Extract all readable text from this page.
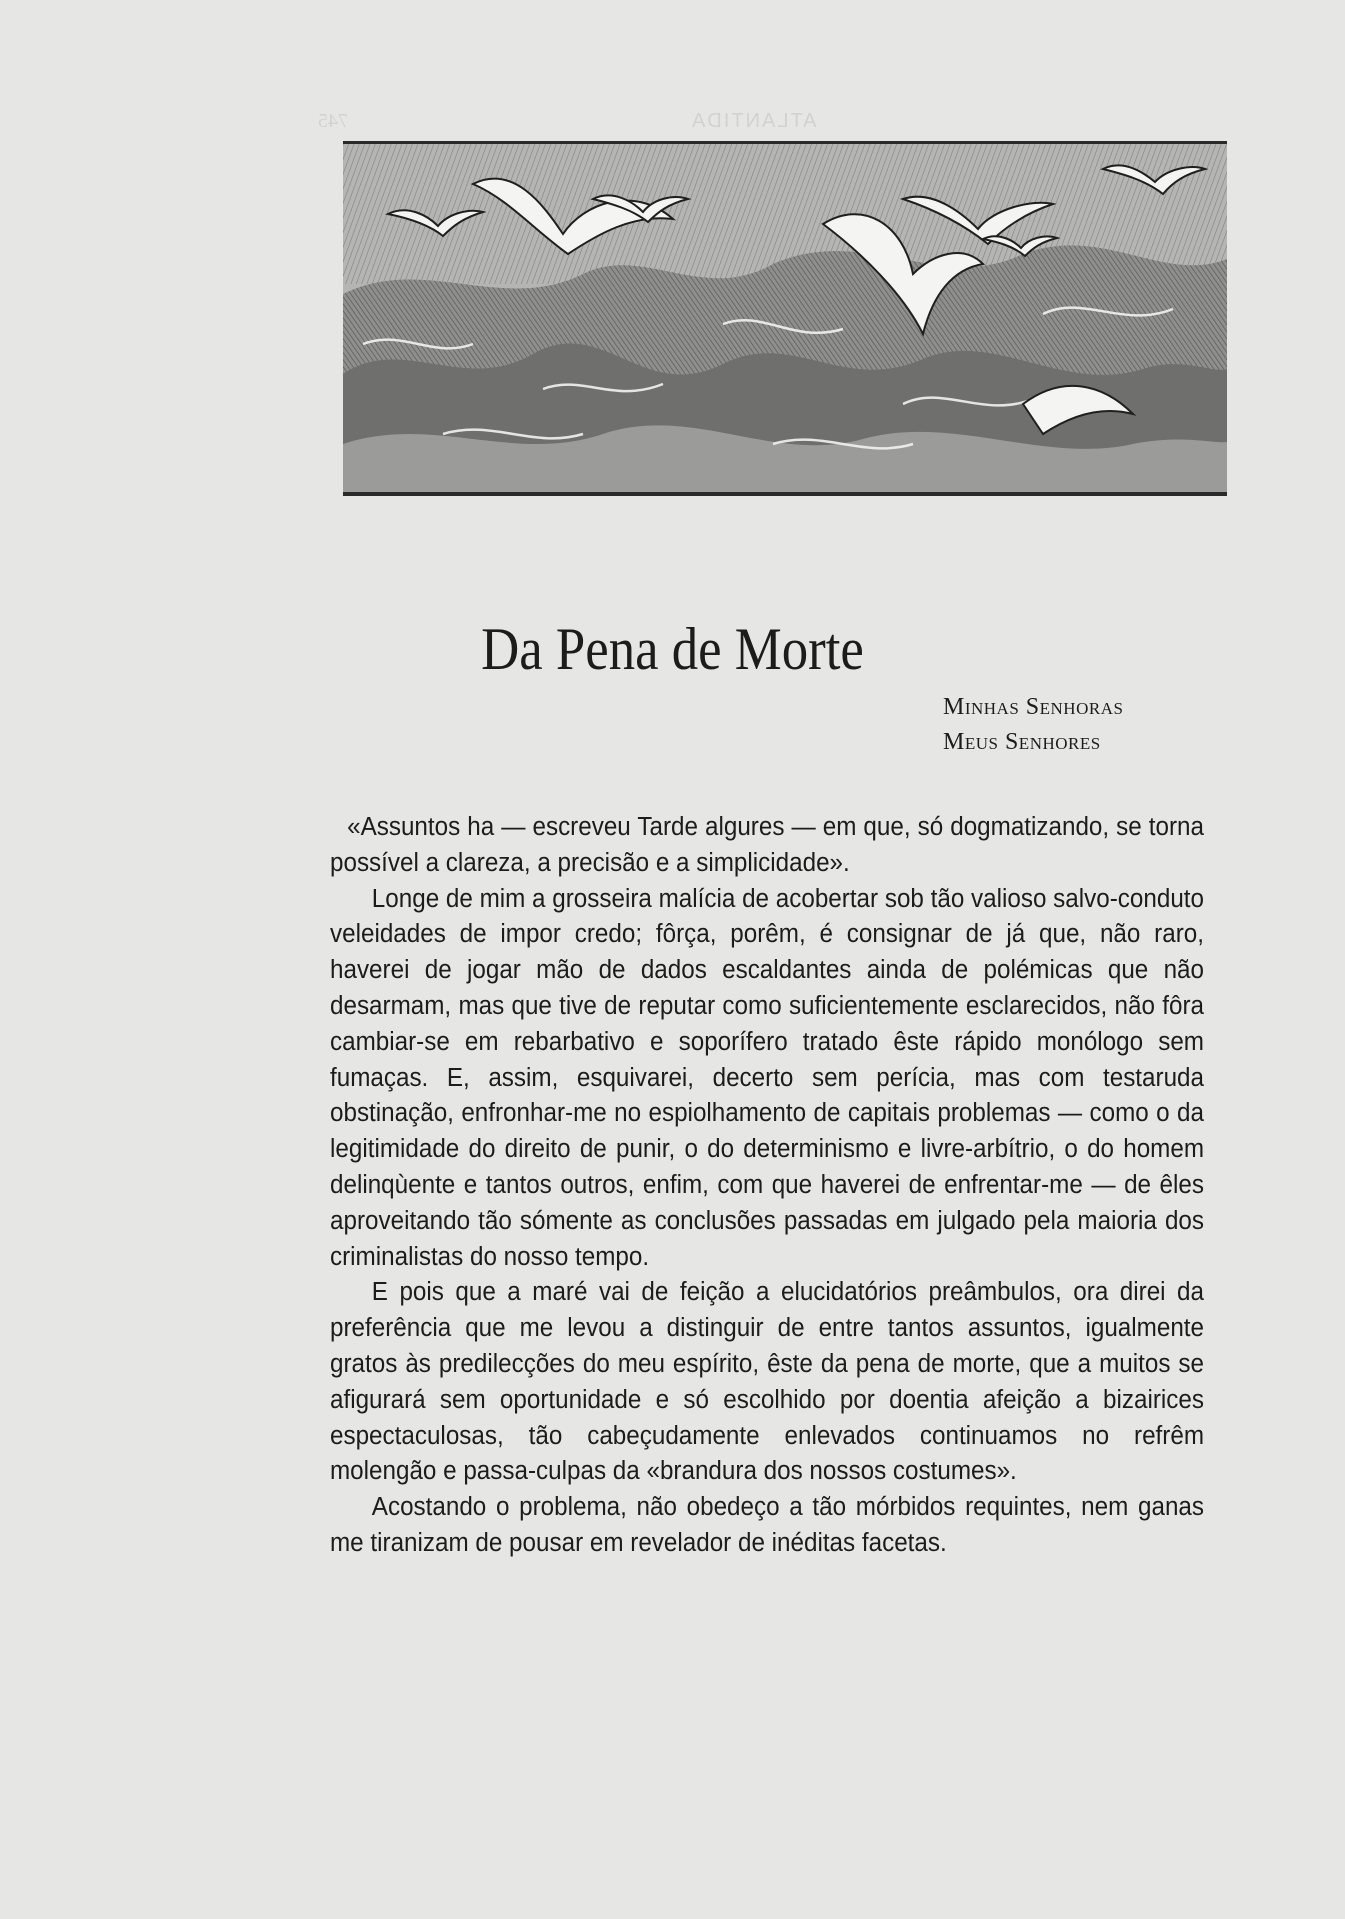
745	ATLANTIDA
Da Pena de Morte
Minhas Senhoras
Meus Senhores

«Assuntos ha — escreveu Tarde algures — em que, só dogmatizando, se torna possível a clareza, a precisão e a simplicidade».

Longe de mim a grosseira malícia de acobertar sob tão valioso salvo-conduto veleidades de impor credo; fôrça, porêm, é consignar de já que, não raro, haverei de jogar mão de dados escaldantes ainda de polémicas que não desarmam, mas que tive de reputar como suficientemente esclarecidos, não fôra cambiar-se em rebarbativo e soporífero tratado êste rápido monólogo sem fumaças. E, assim, esquivarei, decerto sem perícia, mas com testaruda obstinação, enfronhar-me no espiolhamento de capitais problemas — como o da legitimidade do direito de punir, o do determinismo e livre-arbítrio, o do homem delinqùente e tantos outros, enfim, com que haverei de enfrentar-me — de êles aproveitando tão sómente as conclusões passadas em julgado pela maioria dos criminalistas do nosso tempo.

E pois que a maré vai de feição a elucidatórios preâmbulos, ora direi da preferência que me levou a distinguir de entre tantos assuntos, igualmente gratos às predilecções do meu espírito, êste da pena de morte, que a muitos se afigurará sem oportunidade e só escolhido por doentia afeição a bizairices espectaculosas, tão cabeçudamente enlevados continuamos no refrêm molengão e passa-culpas da «brandura dos nossos costumes».

Acostando o problema, não obedeço a tão mórbidos requintes, nem ganas me tiranizam de pousar em revelador de inéditas facetas.
